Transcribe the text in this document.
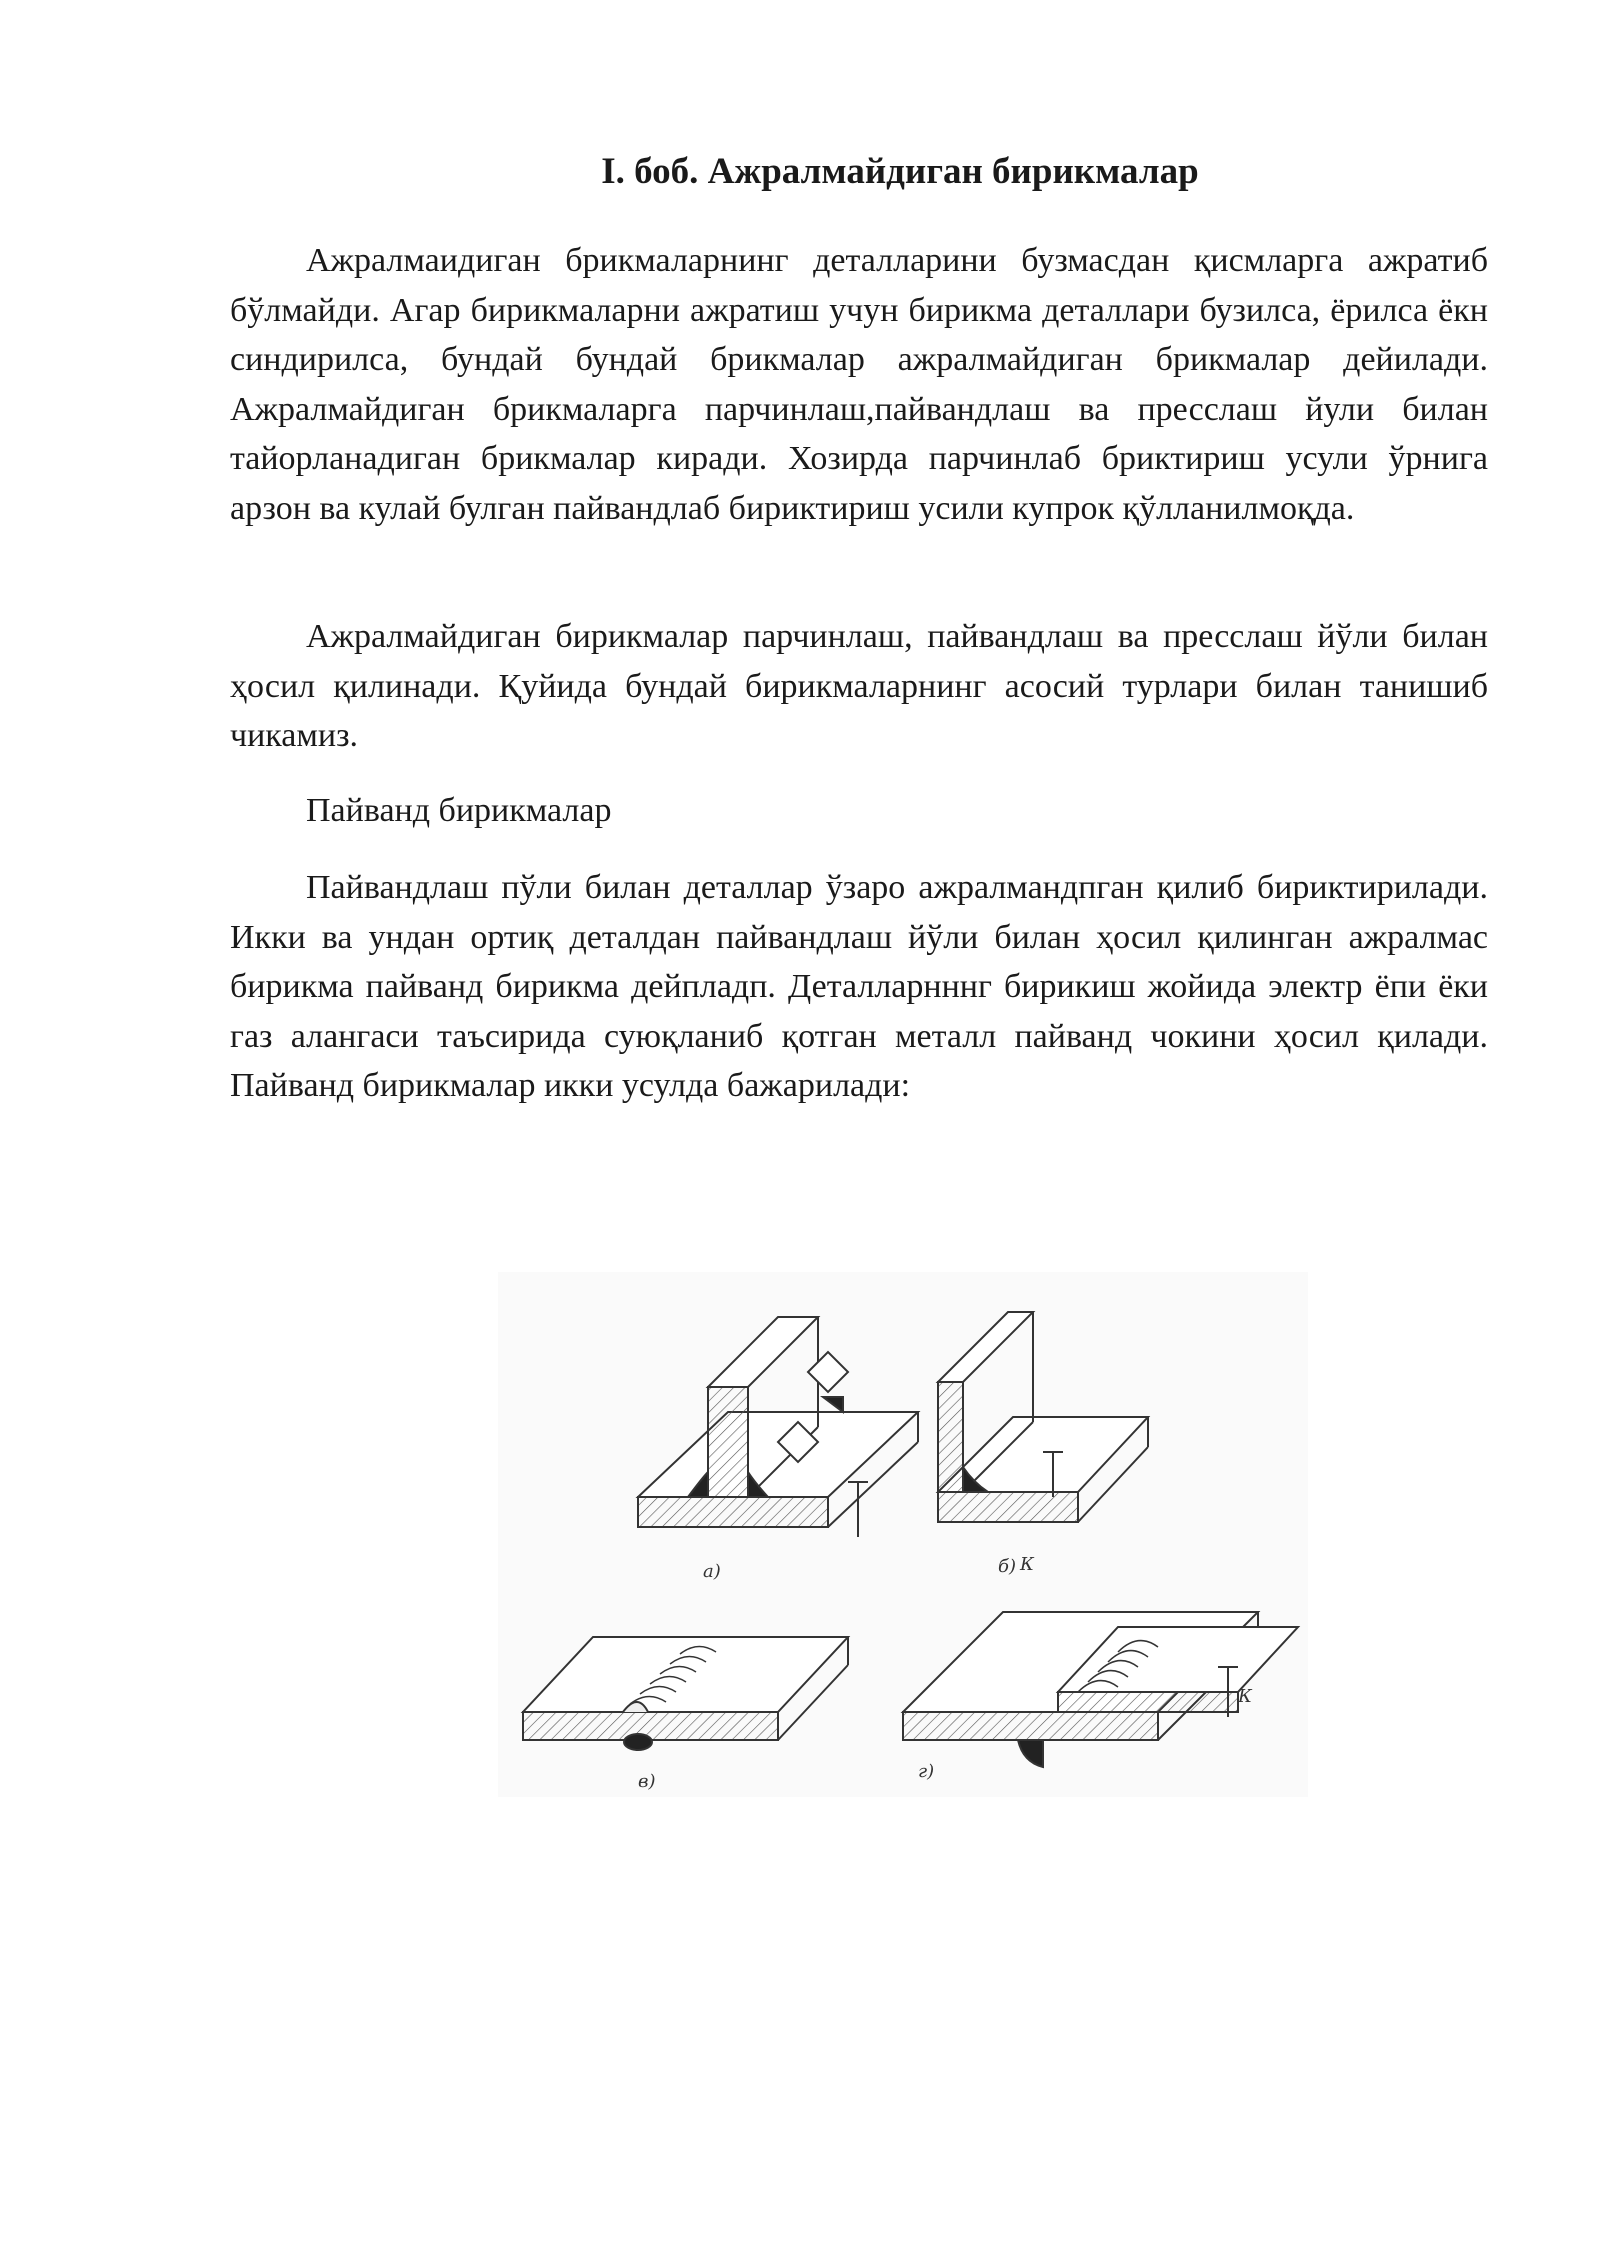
I. боб. Ажралмайдиган бирикмалар

Ажралмаидиган брикмаларнинг деталларини бузмасдан қисмларга ажратиб бўлмайди. Агар бирикмаларни ажратиш учун бирикма деталлари бузилса, ёрилса ёкн синдирилса, бундай бундай брикмалар ажралмайдиган брикмалар дейилади. Ажралмайдиган брикмаларга парчинлаш,пайвандлаш ва пресслаш йули билан тайорланадиган брикмалар киради. Хозирда парчинлаб бриктириш усули ўрнига арзон ва кулай булган пайвандлаб бириктириш усили купрок қўлланилмоқда.

Ажралмайдиган бирикмалар парчинлаш, пайвандлаш ва пресслаш йўли билан ҳосил қилинади. Қуйида бундай бирикмаларнинг асосий турлари билан танишиб чикамиз.

Пайванд бирикмалар

Пайвандлаш пўли билан деталлар ўзаро ажралмандпган қилиб бириктирилади. Икки ва ундан ортиқ деталдан пайвандлаш йўли билан ҳосил қилинган ажралмас бирикма пайванд бирикма дейпладп. Деталларнннг бирикиш жойида электр ёпи ёки газ алангаси таъсирида суюқланиб қотган металл пайванд чокини ҳосил қилади. Пайванд бирикмалар икки усулда бажарилади:

а)	К
б)
в)
К
г)
